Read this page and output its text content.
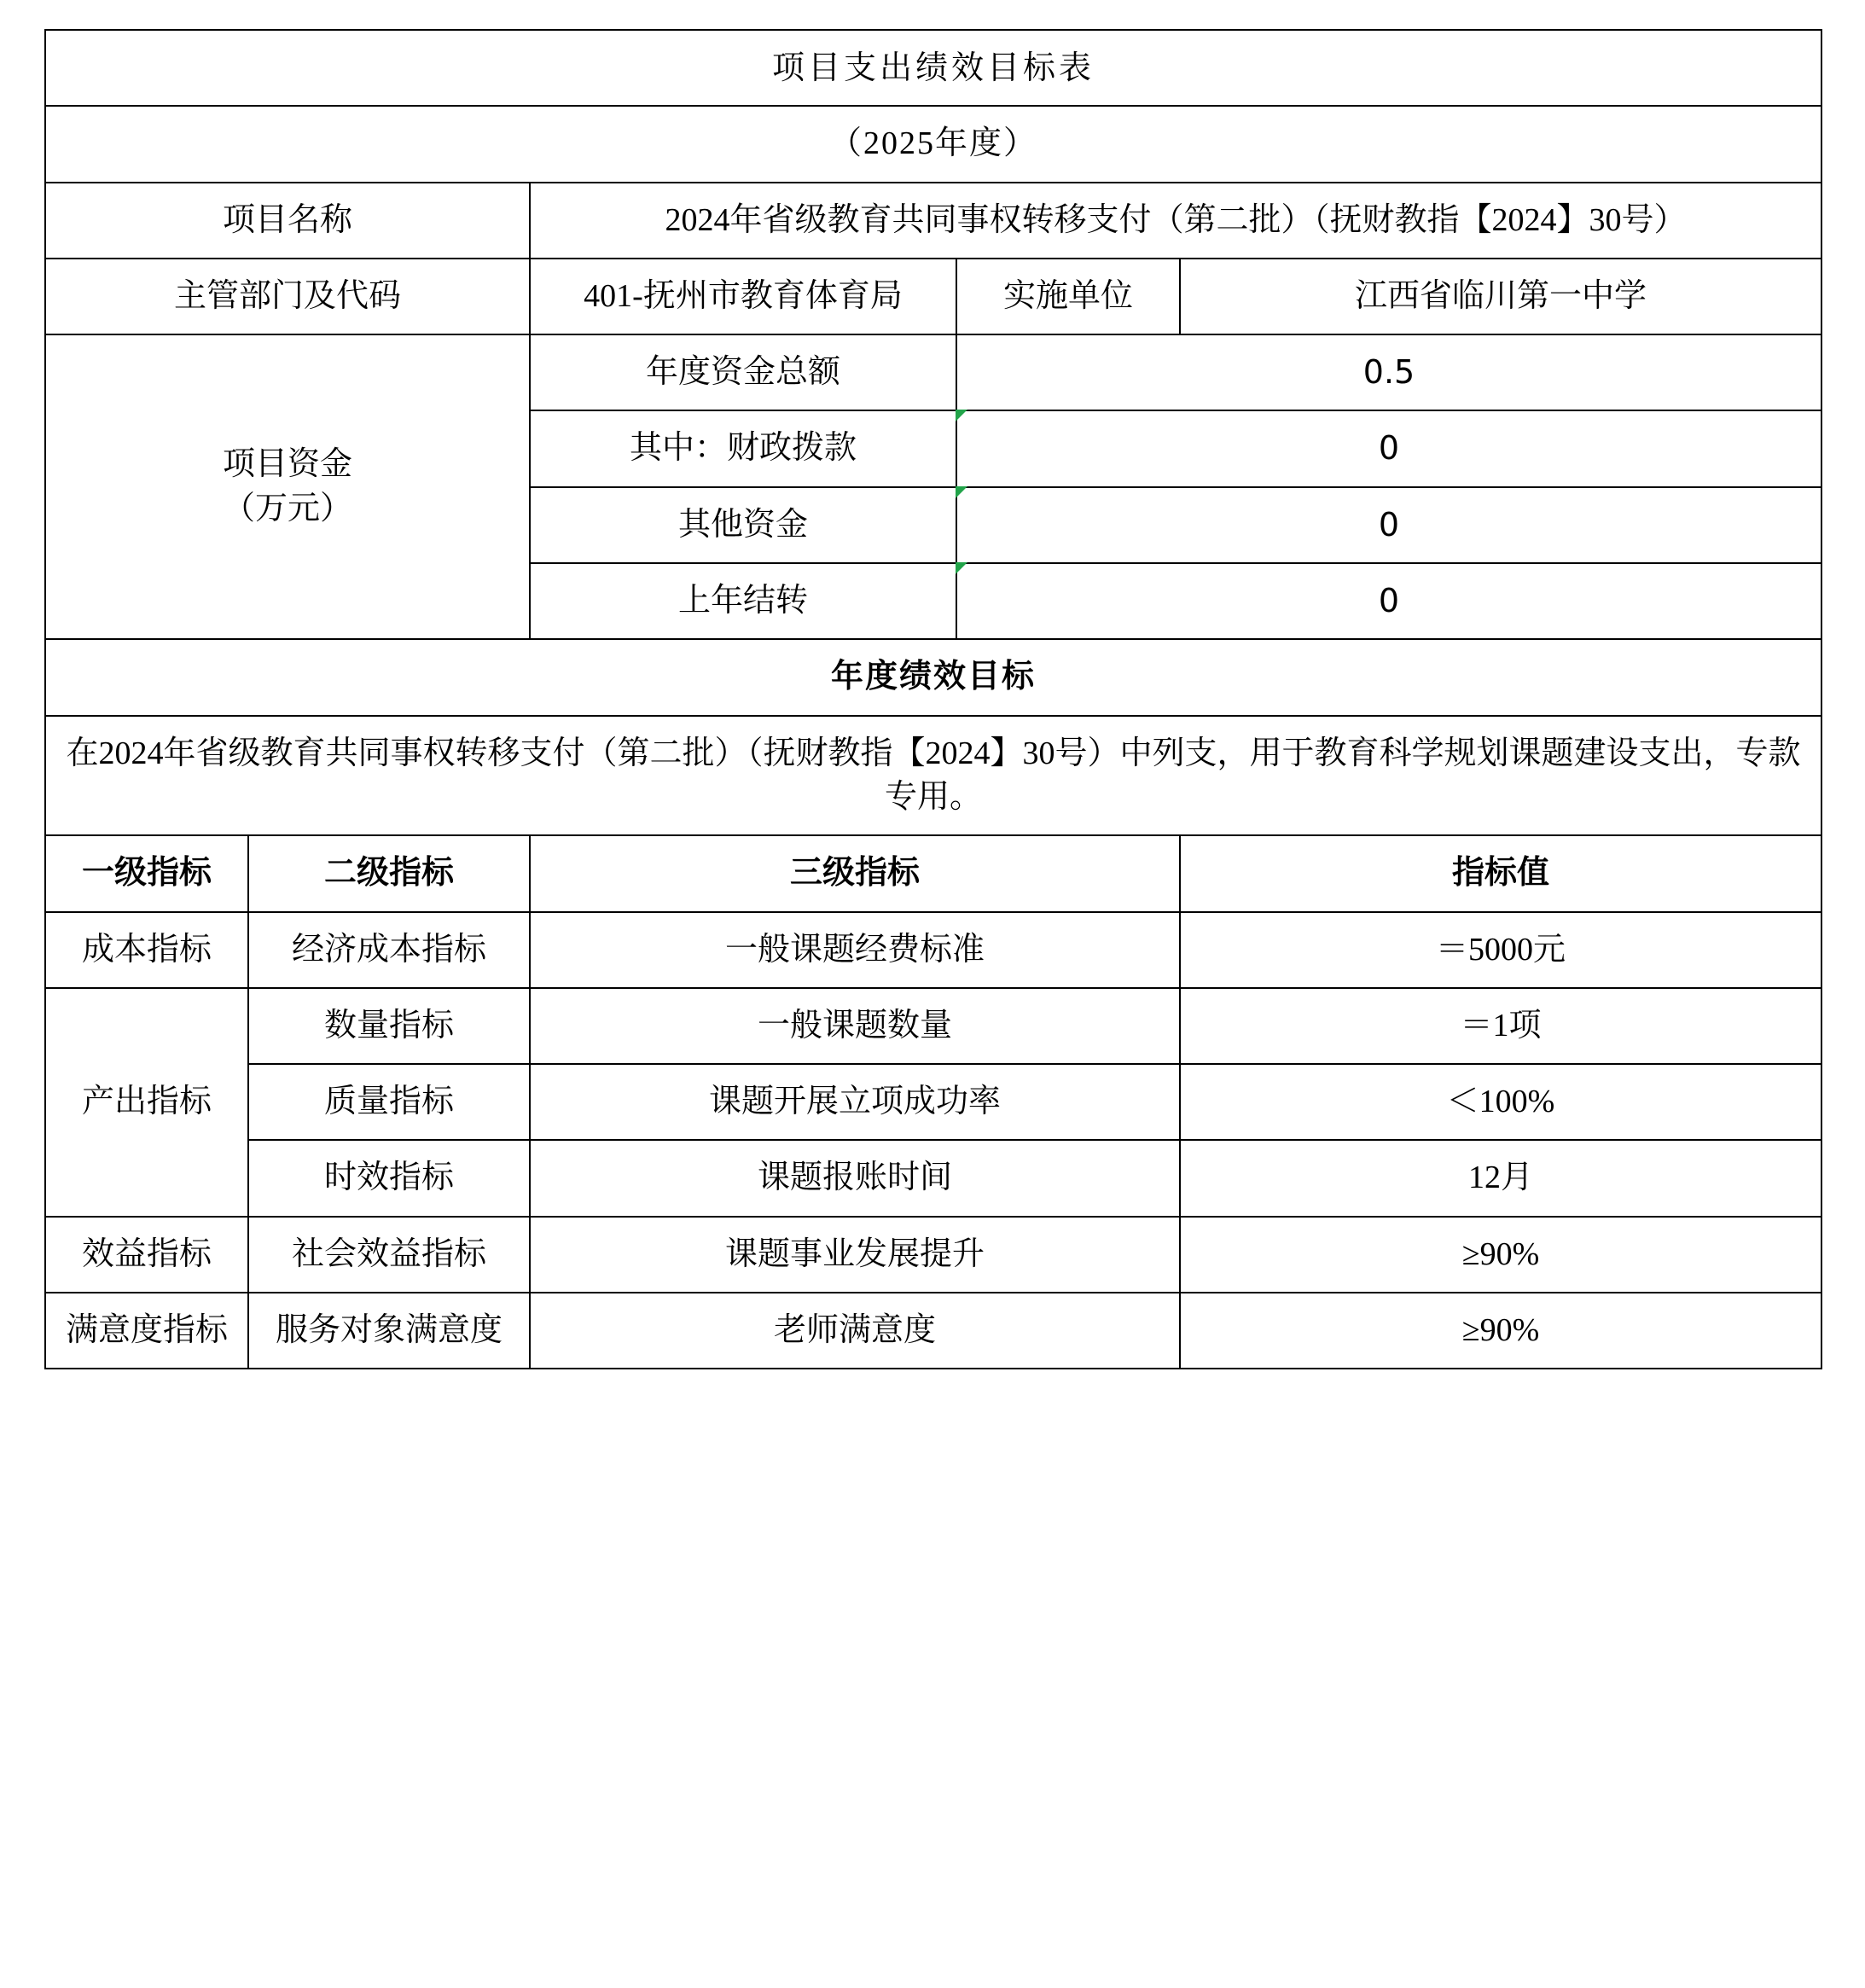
项目支出绩效目标表				
（2025年度）				
项目名称		2024年省级教育共同事权转移支付（第二批）（抚财教指【2024】30号）		
主管部门及代码		401-抚州市教育体育局	实施单位	江西省临川第一中学
项目资金
（万元）		年度资金总额	0.5	

		其中：财政拨款	0	

		其他资金	0	

		上年结转	0	

年度绩效目标				
在2024年省级教育共同事权转移支付（第二批）（抚财教指【2024】30号）中列支，用于教育科学规划课题建设支出，专款专用。				
一级指标	二级指标	三级指标		指标值
成本指标	经济成本指标	一般课题经费标准		＝5000元
产出指标	数量指标	一般课题数量		＝1项
	质量指标	课题开展立项成功率		＜100%
	时效指标	课题报账时间		12月
效益指标	社会效益指标	课题事业发展提升		≥90%
满意度指标	服务对象满意度	老师满意度		≥90%
